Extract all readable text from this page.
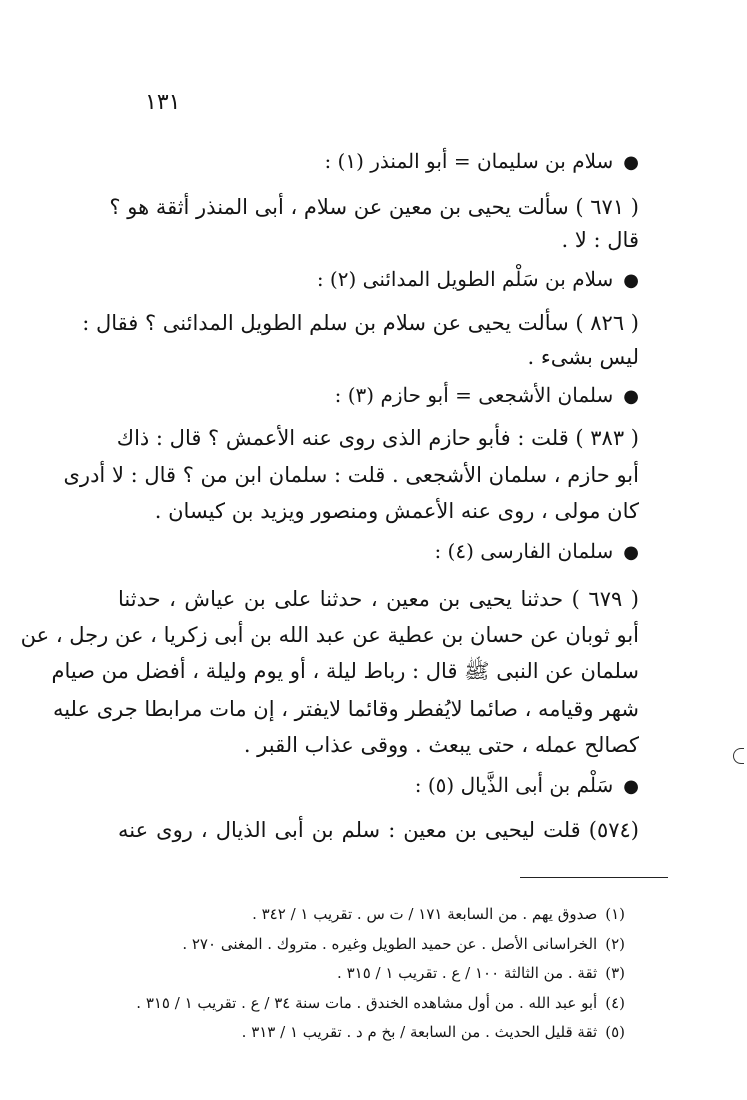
١٣١
●سلام بن سليمان = أبو المنذر (١) :
( ٦٧١ ) سألت يحيى بن معين عن سلام ، أبى المنذر أثقة هو ؟
قال : لا .
●سلام بن سَلْم الطويل المدائنى (٢) :
( ٨٢٦ ) سألت يحيى عن سلام بن سلم الطويل المدائنى ؟ فقال :
ليس بشىء .
●سلمان الأشجعى = أبو حازم (٣) :
( ٣٨٣ ) قلت : فأبو حازم الذى روى عنه الأعمش ؟ قال : ذاك
أبو حازم ، سلمان الأشجعى . قلت : سلمان ابن من ؟ قال : لا أدرى
كان مولى ، روى عنه الأعمش ومنصور ويزيد بن كيسان .
●سلمان الفارسى (٤) :
( ٦٧٩ ) حدثنا يحيى بن معين ، حدثنا على بن عياش ، حدثنا
أبو ثوبان عن حسان بن عطية عن عبد الله بن أبى زكريا ، عن رجل ، عن
سلمان عن النبى ﷺ قال : رباط ليلة ، أو يوم وليلة ، أفضل من صيام
شهر وقيامه ، صائما لايُفطر وقائما لايفتر ، إن مات مرابطا جرى عليه
كصالح عمله ، حتى يبعث . ووقى عذاب القبر .
●سَلْم بن أبى الذَّيال (٥) :
(٥٧٤) قلت ليحيى بن معين : سلم بن أبى الذيال ، روى عنه
(١)صدوق يهم . من السابعة ١٧١ / ت س . تقريب ١ / ٣٤٢ .
(٢)الخراسانى الأصل . عن حميد الطويل وغيره . متروك . المغنى ٢٧٠ .
(٣)ثقة . من الثالثة ١٠٠ / ع . تقريب ١ / ٣١٥ .
(٤)أبو عبد الله . من أول مشاهده الخندق . مات سنة ٣٤ / ع . تقريب ١ / ٣١٥ .
(٥)ثقة قليل الحديث . من السابعة / بخ م د . تقريب ١ / ٣١٣ .
